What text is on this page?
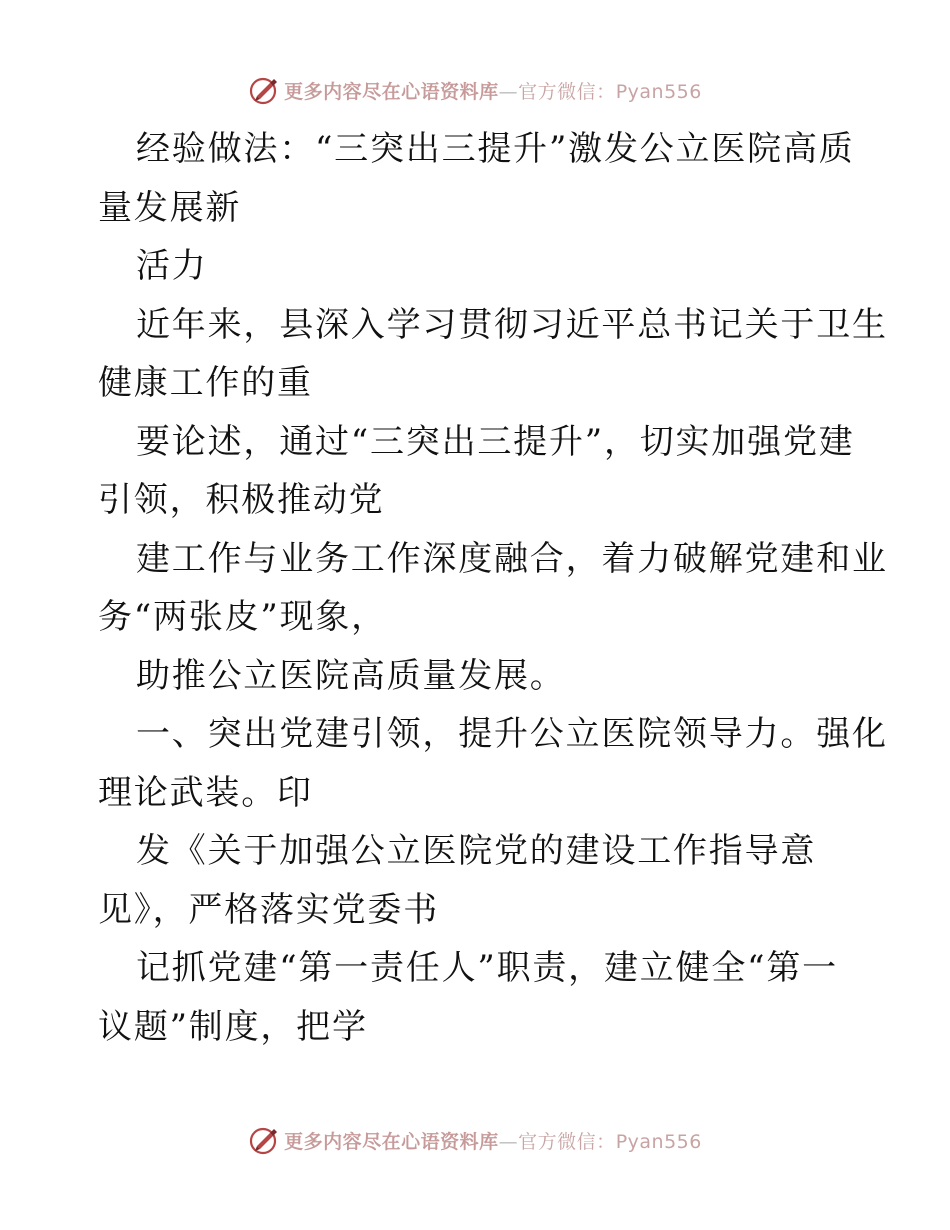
更多内容尽在心语资料库—官方微信：Pyan556
经验做法：“三突出三提升”激发公立医院高质
量发展新
活力
近年来，县深入学习贯彻习近平总书记关于卫生
健康工作的重
要论述，通过“三突出三提升”，切实加强党建
引领，积极推动党
建工作与业务工作深度融合，着力破解党建和业
务“两张皮”现象，
助推公立医院高质量发展。
一、突出党建引领，提升公立医院领导力。强化
理论武装。印
发《关于加强公立医院党的建设工作指导意
见》，严格落实党委书
记抓党建“第一责任人”职责，建立健全“第一
议题”制度，把学
更多内容尽在心语资料库—官方微信：Pyan556
